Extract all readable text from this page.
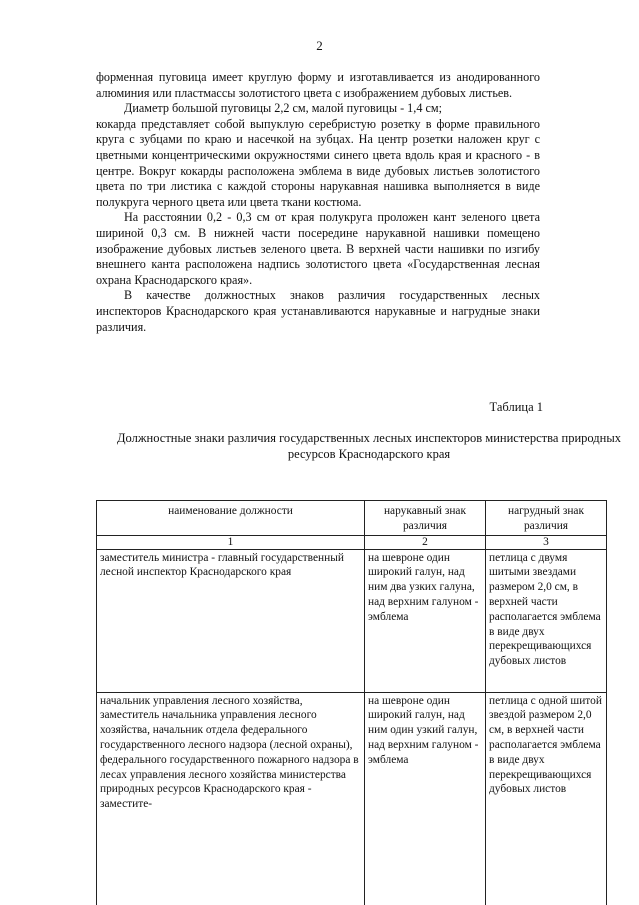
2

форменная пуговица имеет круглую форму и изготавливается из анодированного алюминия или пластмассы золотистого цвета с изображением дубовых листьев.

Диаметр большой пуговицы 2,2 см, малой пуговицы - 1,4 см;

кокарда представляет собой выпуклую серебристую розетку в форме правильного круга с зубцами по краю и насечкой на зубцах. На центр розетки наложен круг с цветными концентрическими окружностями синего цвета вдоль края и красного - в центре. Вокруг кокарды расположена эмблема в виде дубовых листьев золотистого цвета по три листика с каждой стороны нарукавная нашивка выполняется в виде полукруга черного цвета или цвета ткани костюма.

На расстоянии 0,2 - 0,3 см от края полукруга проложен кант зеленого цвета шириной 0,3 см. В нижней части посередине нарукавной нашивки помещено изображение дубовых листьев зеленого цвета. В верхней части нашивки по изгибу внешнего канта расположена надпись золотистого цвета «Государственная лесная охрана Краснодарского края».

В качестве должностных знаков различия государственных лесных инспекторов Краснодарского края устанавливаются нарукавные и нагрудные знаки различия.

Таблица 1
Должностные знаки различия государственных лесных инспекторов министерства природных ресурсов Краснодарского края
наименование должности	нарукавный знак различия	нагрудный знак различия
1	2	3
заместитель министра - главный государственный лесной инспектор Краснодарского края	на шевроне один широкий галун, над ним два узких галуна, над верхним галуном - эмблема	петлица с двумя шитыми звездами размером 2,0 см, в верхней части располагается эмблема в виде двух перекрещивающихся дубовых листов
начальник управления лесного хозяйства, заместитель начальника управления лесного хозяйства, начальник отдела федерального государственного лесного надзора (лесной охраны), федерального государственного пожарного надзора в лесах управления лесного хозяйства министерства природных ресурсов Краснодарского края - заместите-	на шевроне один широкий галун, над ним один узкий галун, над верхним галуном - эмблема	петлица с одной шитой звездой размером 2,0 см, в верхней части располагается эмблема в виде двух перекрещивающихся дубовых листов
